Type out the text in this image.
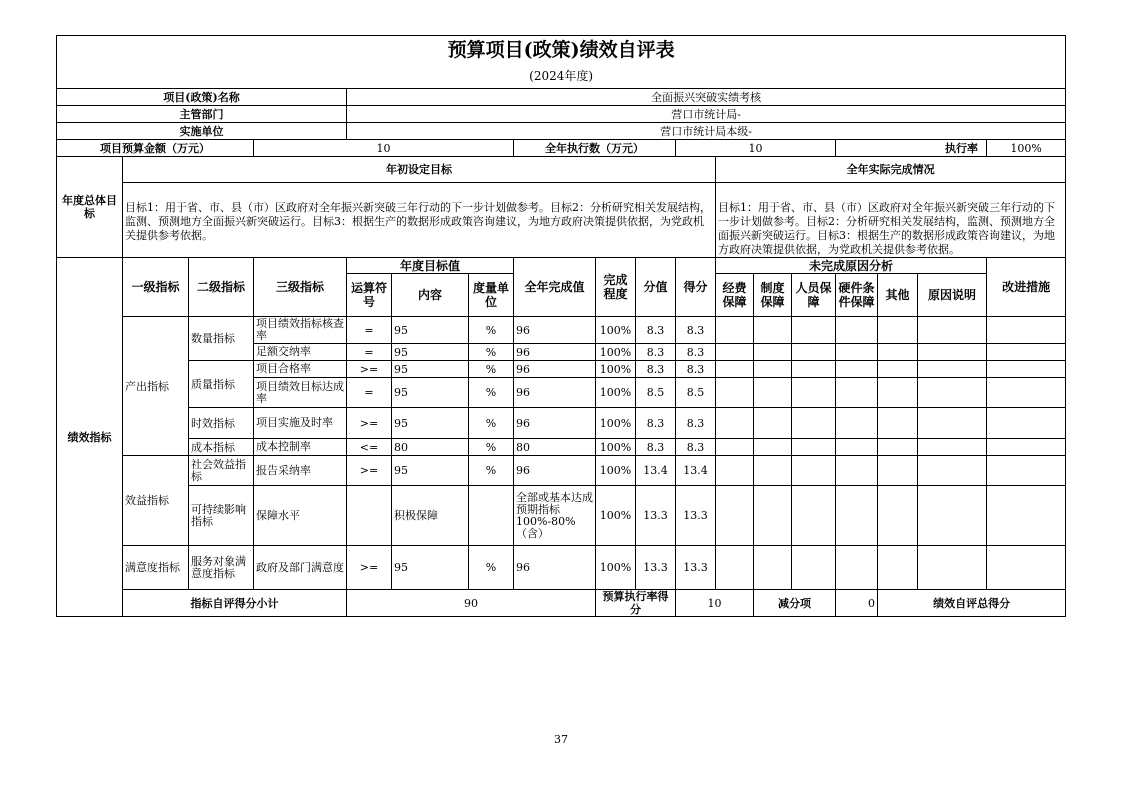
预算项目(政策)绩效自评表																		
(2024年度)																		
项目(政策)名称				全面振兴突破实绩考核														
主管部门				营口市统计局-														
实施单位				营口市统计局本级-														
项目预算金额（万元）			10				全年执行数（万元）			10				执行率			100%	
年度总体目标	年初设定目标										全年实际完成情况							
	目标1：用于省、市、县（市）区政府对全年振兴新突破三年行动的下一步计划做参考。目标2：分析研究相关发展结构，监测、预测地方全面振兴新突破运行。目标3：根据生产的数据形成政策咨询建议，为地方政府决策提供依据，为党政机关提供参考依据。										目标1：用于省、市、县（市）区政府对全年振兴新突破三年行动的下一步计划做参考。目标2：分析研究相关发展结构，监测、预测地方全面振兴新突破运行。目标3：根据生产的数据形成政策咨询建议，为地方政府决策提供依据，为党政机关提供参考依据。							
绩效指标	一级指标	二级指标	三级指标	年度目标值			全年完成值	完成程度	分值	得分	未完成原因分析						改进措施	
				运算符号	内容	度量单位					经费保障	制度保障	人员保障	硬件条件保障	其他	原因说明		
	产出指标	数量指标	项目绩效指标核查率	=	95	%	96	100%	8.3	8.3								
			足额交纳率	=	95	%	96	100%	8.3	8.3								
		质量指标	项目合格率	>=	95	%	96	100%	8.3	8.3								
			项目绩效目标达成率	=	95	%	96	100%	8.5	8.5								
		时效指标	项目实施及时率	>=	95	%	96	100%	8.3	8.3								
		成本指标	成本控制率	<=	80	%	80	100%	8.3	8.3								
	效益指标	社会效益指标	报告采纳率	>=	95	%	96	100%	13.4	13.4								
		可持续影响指标	保障水平		积极保障		全部或基本达成预期指标100%-80%（含）	100%	13.3	13.3								
	满意度指标	服务对象满意度指标	政府及部门满意度	>=	95	%	96	100%	13.3	13.3								
	指标自评得分小计			90				预算执行率得分		10		减分项		0	绩效自评总得分	
37
